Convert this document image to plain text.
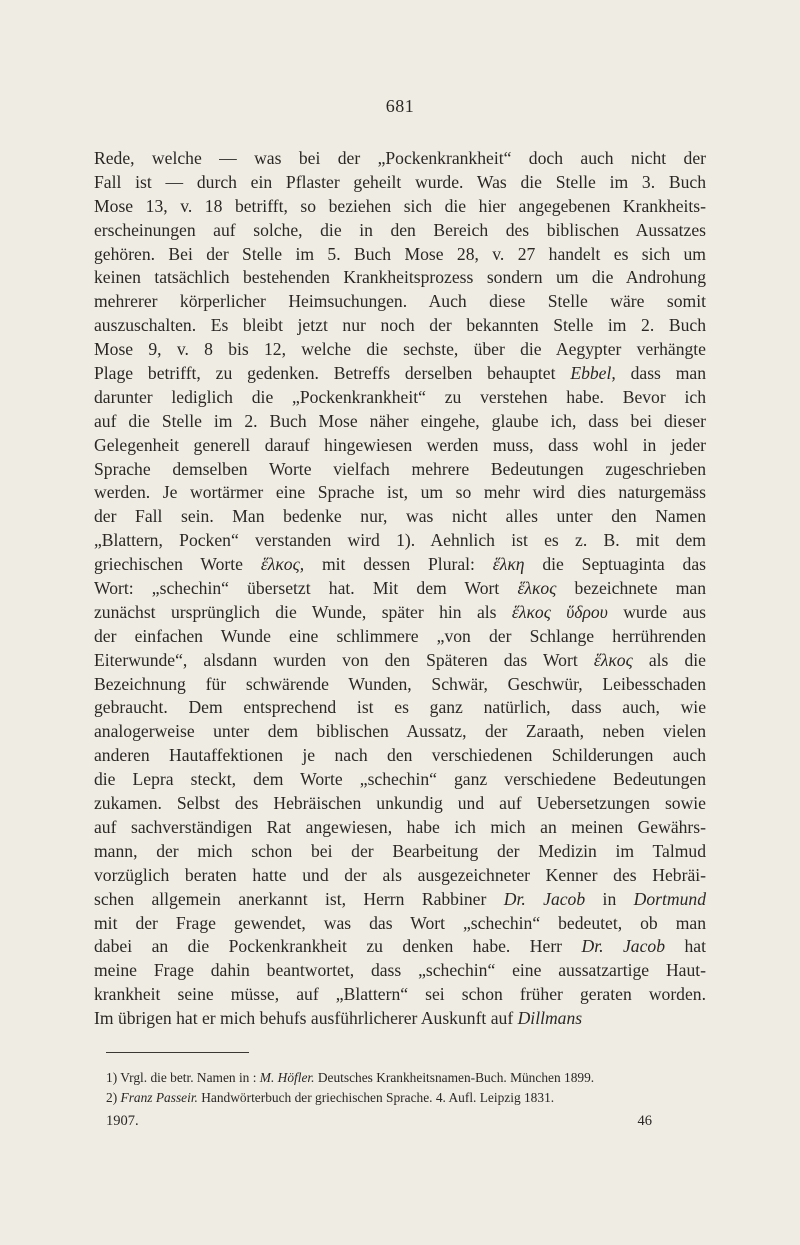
681
Rede, welche — was bei der „Pockenkrankheit“ doch auch nicht der
Fall ist — durch ein Pflaster geheilt wurde. Was die Stelle im 3. Buch
Mose 13, v. 18 betrifft, so beziehen sich die hier angegebenen Krankheits-
erscheinungen auf solche, die in den Bereich des biblischen Aussatzes
gehören. Bei der Stelle im 5. Buch Mose 28, v. 27 handelt es sich um
keinen tatsächlich bestehenden Krankheitsprozess sondern um die Androhung
mehrerer körperlicher Heimsuchungen. Auch diese Stelle wäre somit
auszuschalten. Es bleibt jetzt nur noch der bekannten Stelle im 2. Buch
Mose 9, v. 8 bis 12, welche die sechste, über die Aegypter verhängte
Plage betrifft, zu gedenken. Betreffs derselben behauptet Ebbel, dass man
darunter lediglich die „Pockenkrankheit“ zu verstehen habe. Bevor ich
auf die Stelle im 2. Buch Mose näher eingehe, glaube ich, dass bei dieser
Gelegenheit generell darauf hingewiesen werden muss, dass wohl in jeder
Sprache demselben Worte vielfach mehrere Bedeutungen zugeschrieben
werden. Je wortärmer eine Sprache ist, um so mehr wird dies naturgemäss
der Fall sein. Man bedenke nur, was nicht alles unter den Namen
„Blattern, Pocken“ verstanden wird 1). Aehnlich ist es z. B. mit dem
griechischen Worte ἕλκος, mit dessen Plural: ἕλκη die Septuaginta das
Wort: „schechin“ übersetzt hat. Mit dem Wort ἕλκος bezeichnete man
zunächst ursprünglich die Wunde, später hin als ἕλκος ὕδρου wurde aus
der einfachen Wunde eine schlimmere „von der Schlange herrührenden
Eiterwunde“, alsdann wurden von den Späteren das Wort ἕλκος als die
Bezeichnung für schwärende Wunden, Schwär, Geschwür, Leibesschaden
gebraucht. Dem entsprechend ist es ganz natürlich, dass auch, wie
analogerweise unter dem biblischen Aussatz, der Zaraath, neben vielen
anderen Hautaffektionen je nach den verschiedenen Schilderungen auch
die Lepra steckt, dem Worte „schechin“ ganz verschiedene Bedeutungen
zukamen. Selbst des Hebräischen unkundig und auf Uebersetzungen sowie
auf sachverständigen Rat angewiesen, habe ich mich an meinen Gewährs-
mann, der mich schon bei der Bearbeitung der Medizin im Talmud
vorzüglich beraten hatte und der als ausgezeichneter Kenner des Hebräi-
schen allgemein anerkannt ist, Herrn Rabbiner Dr. Jacob in Dortmund
mit der Frage gewendet, was das Wort „schechin“ bedeutet, ob man
dabei an die Pockenkrankheit zu denken habe. Herr Dr. Jacob hat
meine Frage dahin beantwortet, dass „schechin“ eine aussatzartige Haut-
krankheit seine müsse, auf „Blattern“ sei schon früher geraten worden.
Im übrigen hat er mich behufs ausführlicherer Auskunft auf Dillmans
1) Vrgl. die betr. Namen in : M. Höfler. Deutsches Krankheitsnamen-Buch. München 1899.
2) Franz Passeir. Handwörterbuch der griechischen Sprache. 4. Aufl. Leipzig 1831.
1907.	46
